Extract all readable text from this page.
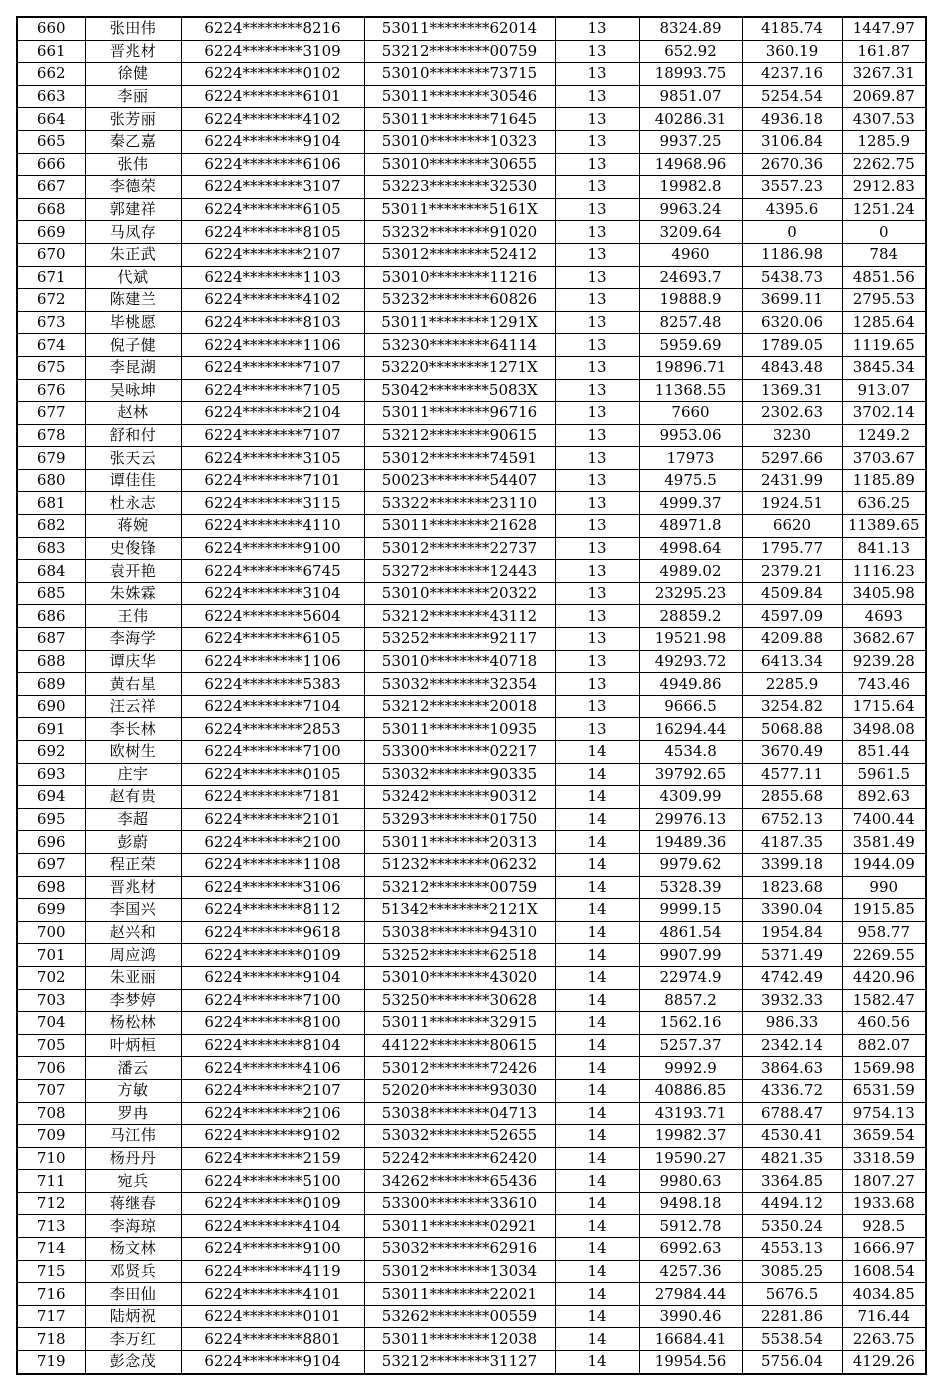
660	张田伟	6224********8216	53011********62014	13	8324.89	4185.74	1447.97
661	晋兆材	6224********3109	53212********00759	13	652.92	360.19	161.87
662	徐健	6224********0102	53010********73715	13	18993.75	4237.16	3267.31
663	李丽	6224********6101	53011********30546	13	9851.07	5254.54	2069.87
664	张芳丽	6224********4102	53011********71645	13	40286.31	4936.18	4307.53
665	秦乙嘉	6224********9104	53010********10323	13	9937.25	3106.84	1285.9
666	张伟	6224********6106	53010********30655	13	14968.96	2670.36	2262.75
667	李德荣	6224********3107	53223********32530	13	19982.8	3557.23	2912.83
668	郭建祥	6224********6105	53011********5161X	13	9963.24	4395.6	1251.24
669	马凤存	6224********8105	53232********91020	13	3209.64	0	0
670	朱正武	6224********2107	53012********52412	13	4960	1186.98	784
671	代斌	6224********1103	53010********11216	13	24693.7	5438.73	4851.56
672	陈建兰	6224********4102	53232********60826	13	19888.9	3699.11	2795.53
673	毕桃愿	6224********8103	53011********1291X	13	8257.48	6320.06	1285.64
674	倪子健	6224********1106	53230********64114	13	5959.69	1789.05	1119.65
675	李昆湖	6224********7107	53220********1271X	13	19896.71	4843.48	3845.34
676	吴咏坤	6224********7105	53042********5083X	13	11368.55	1369.31	913.07
677	赵林	6224********2104	53011********96716	13	7660	2302.63	3702.14
678	舒和付	6224********7107	53212********90615	13	9953.06	3230	1249.2
679	张天云	6224********3105	53012********74591	13	17973	5297.66	3703.67
680	谭佳佳	6224********7101	50023********54407	13	4975.5	2431.99	1185.89
681	杜永志	6224********3115	53322********23110	13	4999.37	1924.51	636.25
682	蒋婉	6224********4110	53011********21628	13	48971.8	6620	11389.65
683	史俊锋	6224********9100	53012********22737	13	4998.64	1795.77	841.13
684	袁开艳	6224********6745	53272********12443	13	4989.02	2379.21	1116.23
685	朱姝霖	6224********3104	53010********20322	13	23295.23	4509.84	3405.98
686	王伟	6224********5604	53212********43112	13	28859.2	4597.09	4693
687	李海学	6224********6105	53252********92117	13	19521.98	4209.88	3682.67
688	谭庆华	6224********1106	53010********40718	13	49293.72	6413.34	9239.28
689	黄右星	6224********5383	53032********32354	13	4949.86	2285.9	743.46
690	汪云祥	6224********7104	53212********20018	13	9666.5	3254.82	1715.64
691	李长林	6224********2853	53011********10935	13	16294.44	5068.88	3498.08
692	欧树生	6224********7100	53300********02217	14	4534.8	3670.49	851.44
693	庄宇	6224********0105	53032********90335	14	39792.65	4577.11	5961.5
694	赵有贵	6224********7181	53242********90312	14	4309.99	2855.68	892.63
695	李超	6224********2101	53293********01750	14	29976.13	6752.13	7400.44
696	彭蔚	6224********2100	53011********20313	14	19489.36	4187.35	3581.49
697	程正荣	6224********1108	51232********06232	14	9979.62	3399.18	1944.09
698	晋兆材	6224********3106	53212********00759	14	5328.39	1823.68	990
699	李国兴	6224********8112	51342********2121X	14	9999.15	3390.04	1915.85
700	赵兴和	6224********9618	53038********94310	14	4861.54	1954.84	958.77
701	周应鸿	6224********0109	53252********62518	14	9907.99	5371.49	2269.55
702	朱亚丽	6224********9104	53010********43020	14	22974.9	4742.49	4420.96
703	李梦婷	6224********7100	53250********30628	14	8857.2	3932.33	1582.47
704	杨松林	6224********8100	53011********32915	14	1562.16	986.33	460.56
705	叶炳桓	6224********8104	44122********80615	14	5257.37	2342.14	882.07
706	潘云	6224********4106	53012********72426	14	9992.9	3864.63	1569.98
707	方敏	6224********2107	52020********93030	14	40886.85	4336.72	6531.59
708	罗冉	6224********2106	53038********04713	14	43193.71	6788.47	9754.13
709	马江伟	6224********9102	53032********52655	14	19982.37	4530.41	3659.54
710	杨丹丹	6224********2159	52242********62420	14	19590.27	4821.35	3318.59
711	宛兵	6224********5100	34262********65436	14	9980.63	3364.85	1807.27
712	蒋继春	6224********0109	53300********33610	14	9498.18	4494.12	1933.68
713	李海琼	6224********4104	53011********02921	14	5912.78	5350.24	928.5
714	杨文林	6224********9100	53032********62916	14	6992.63	4553.13	1666.97
715	邓贤兵	6224********4119	53012********13034	14	4257.36	3085.25	1608.54
716	李田仙	6224********4101	53011********22021	14	27984.44	5676.5	4034.85
717	陆炳祝	6224********0101	53262********00559	14	3990.46	2281.86	716.44
718	李万红	6224********8801	53011********12038	14	16684.41	5538.54	2263.75
719	彭念茂	6224********9104	53212********31127	14	19954.56	5756.04	4129.26
